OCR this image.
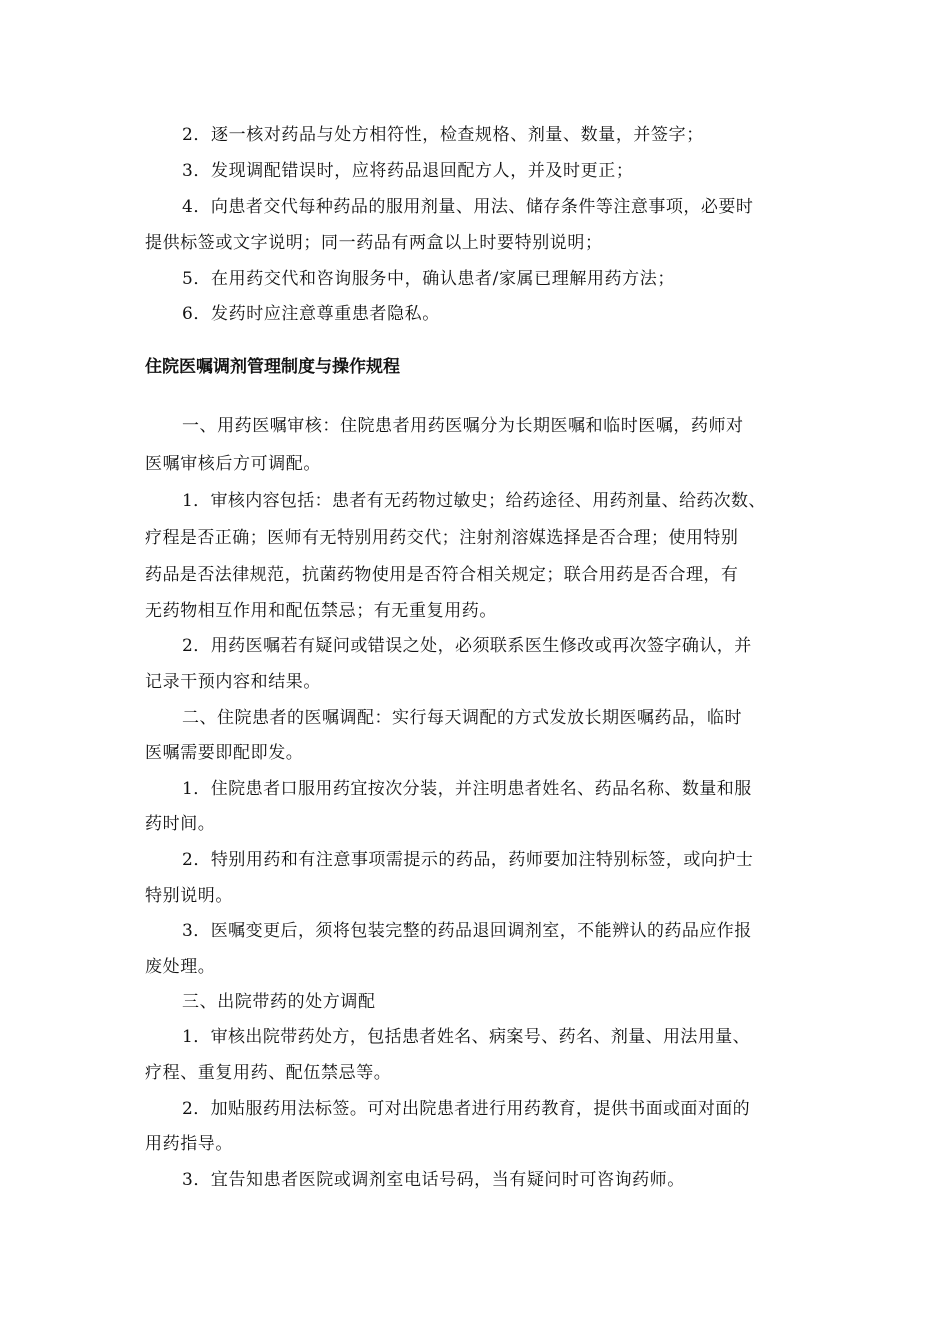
2．逐一核对药品与处方相符性，检查规格、剂量、数量，并签字；
3．发现调配错误时，应将药品退回配方人，并及时更正；
4．向患者交代每种药品的服用剂量、用法、储存条件等注意事项，必要时
提供标签或文字说明；同一药品有两盒以上时要特别说明；
5．在用药交代和咨询服务中，确认患者/家属已理解用药方法；
6．发药时应注意尊重患者隐私。
住院医嘱调剂管理制度与操作规程
一、用药医嘱审核：住院患者用药医嘱分为长期医嘱和临时医嘱，药师对
医嘱审核后方可调配。
1．审核内容包括：患者有无药物过敏史；给药途径、用药剂量、给药次数、
疗程是否正确；医师有无特别用药交代；注射剂溶媒选择是否合理；使用特别
药品是否法律规范，抗菌药物使用是否符合相关规定；联合用药是否合理，有
无药物相互作用和配伍禁忌；有无重复用药。
2．用药医嘱若有疑问或错误之处，必须联系医生修改或再次签字确认，并
记录干预内容和结果。
二、住院患者的医嘱调配：实行每天调配的方式发放长期医嘱药品，临时
医嘱需要即配即发。
1．住院患者口服用药宜按次分装，并注明患者姓名、药品名称、数量和服
药时间。
2．特别用药和有注意事项需提示的药品，药师要加注特别标签，或向护士
特别说明。
3．医嘱变更后，须将包装完整的药品退回调剂室，不能辨认的药品应作报
废处理。
三、出院带药的处方调配
1．审核出院带药处方，包括患者姓名、病案号、药名、剂量、用法用量、
疗程、重复用药、配伍禁忌等。
2．加贴服药用法标签。可对出院患者进行用药教育，提供书面或面对面的
用药指导。
3．宜告知患者医院或调剂室电话号码，当有疑问时可咨询药师。
